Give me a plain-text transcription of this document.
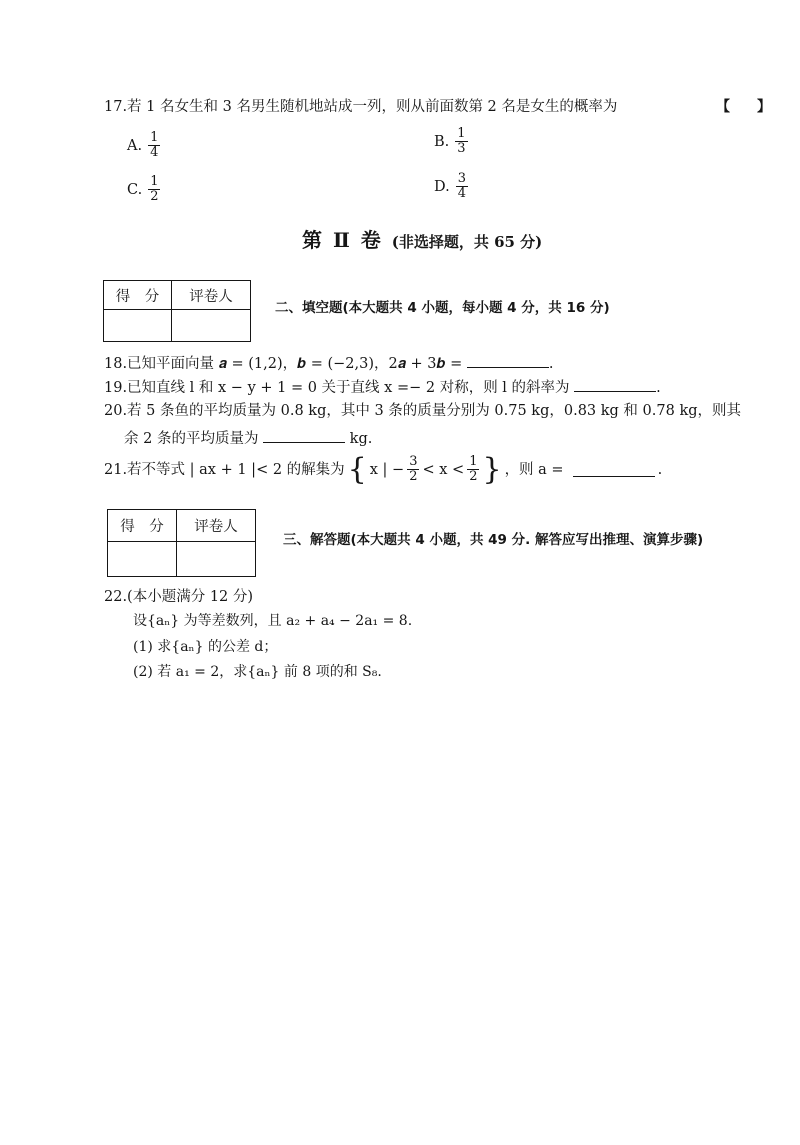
17.若 1 名女生和 3 名男生随机地站成一列，则从前面数第 2 名是女生的概率为	【 】
A. $\frac{1}{4}$	B. $\frac{1}{3}$
C. $\frac{1}{2}$	D. $\frac{3}{4}$
第 Ⅱ 卷 (非选择题，共 65 分)
得　分	评卷人

二、填空题(本大题共 4 小题，每小题 4 分，共 16 分)
18.已知平面向量 𝒂 = (1,2)，𝒃 = (−2,3)，2𝒂 + 3𝒃 =	.
19.已知直线 l 和 x − y + 1 = 0 关于直线 x =− 2 对称，则 l 的斜率为	.
20.若 5 条鱼的平均质量为 0.8 kg，其中 3 条的质量分别为 0.75 kg，0.83 kg 和 0.78 kg，则其
余 2 条的平均质量为	kg.
21.若不等式 | ax + 1 |< 2 的解集为 { x | − $\frac{3}{2} < x < \frac{1}{2}$ } ，则 a =	.
得　分	评卷人

三、解答题(本大题共 4 小题，共 49 分. 解答应写出推理、演算步骤)
22.(本小题满分 12 分)
设{aₙ} 为等差数列，且 a₂ + a₄ − 2a₁ = 8.
(1) 求{aₙ} 的公差 d；
(2) 若 a₁ = 2，求{aₙ} 前 8 项的和 S₈.
